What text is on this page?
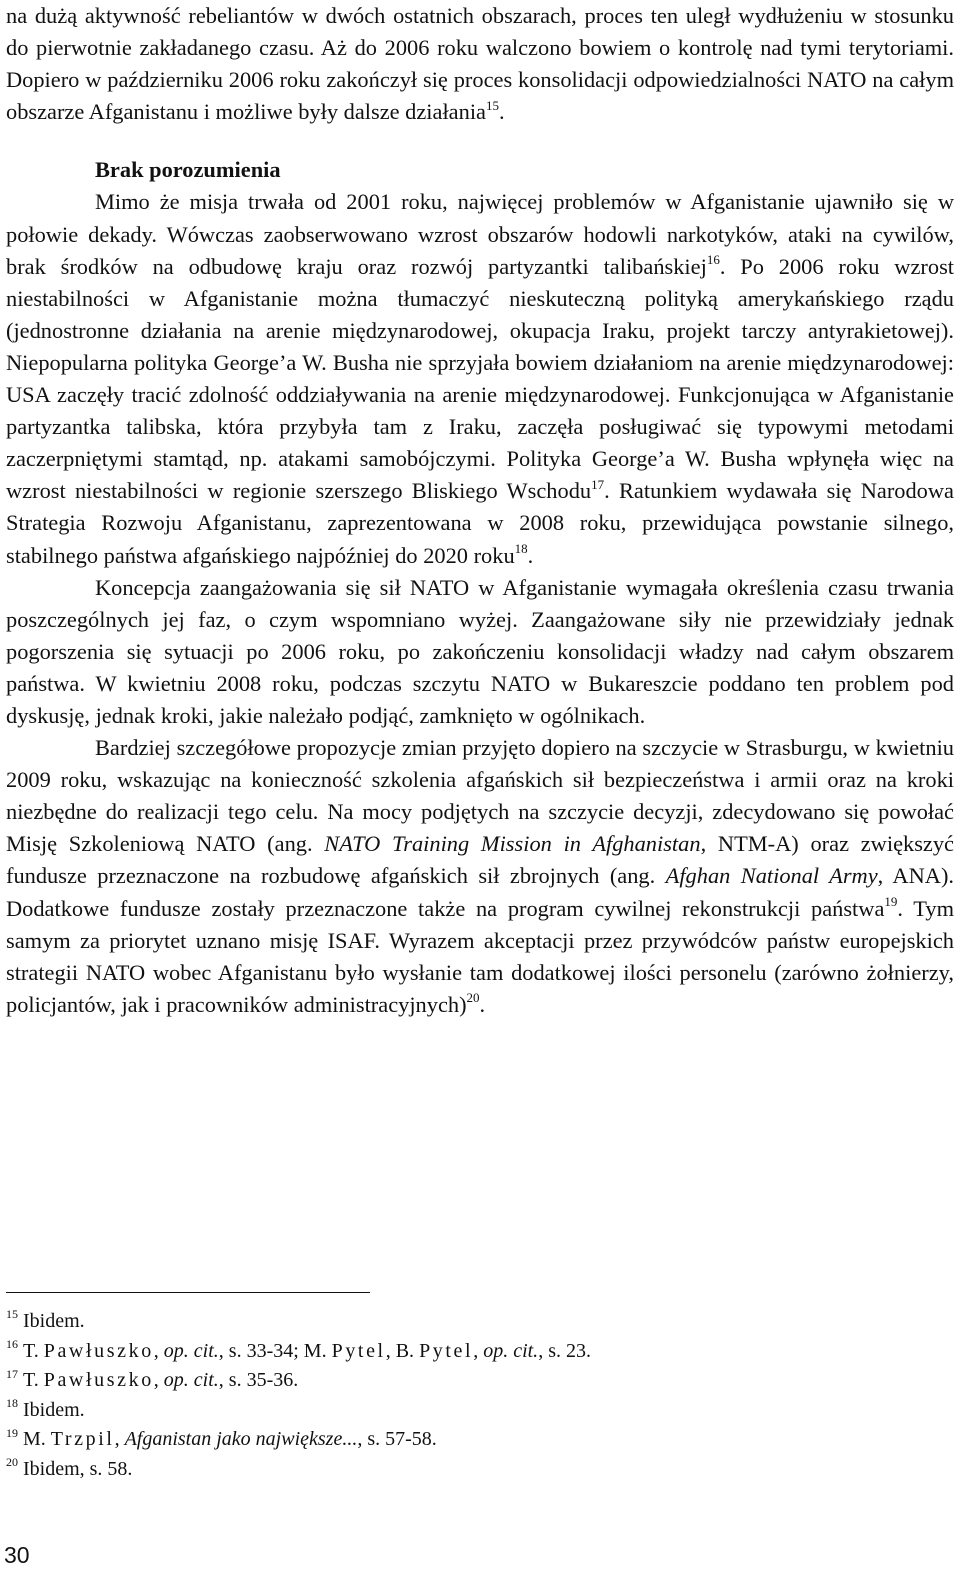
na dużą aktywność rebeliantów w dwóch ostatnich obszarach, proces ten uległ wydłużeniu w stosunku do pierwotnie zakładanego czasu. Aż do 2006 roku walczono bowiem o kontrolę nad tymi terytoriami. Dopiero w październiku 2006 roku zakończył się proces konsolidacji odpowiedzialności NATO na całym obszarze Afganistanu i możliwe były dalsze działania$^{15}$.

Brak porozumienia

Mimo że misja trwała od 2001 roku, najwięcej problemów w Afganistanie ujawniło się w połowie dekady. Wówczas zaobserwowano wzrost obszarów hodowli narkotyków, ataki na cywilów, brak środków na odbudowę kraju oraz rozwój partyzantki talibańskiej$^{16}$. Po 2006 roku wzrost niestabilności w Afganistanie można tłumaczyć nieskuteczną polityką amerykańskiego rządu (jednostronne działania na arenie międzynarodowej, okupacja Iraku, projekt tarczy antyrakietowej). Niepopularna polityka George’a W. Busha nie sprzyjała bowiem działaniom na arenie międzynarodowej: USA zaczęły tracić zdolność oddziaływania na arenie międzynarodowej. Funkcjonująca w Afganistanie partyzantka talibska, która przybyła tam z Iraku, zaczęła posługiwać się typowymi metodami zaczerpniętymi stamtąd, np. atakami samobójczymi. Polityka George’a W. Busha wpłynęła więc na wzrost niestabilności w regionie szerszego Bliskiego Wschodu$^{17}$. Ratunkiem wydawała się Narodowa Strategia Rozwoju Afganistanu, zaprezentowana w 2008 roku, przewidująca powstanie silnego, stabilnego państwa afgańskiego najpóźniej do 2020 roku$^{18}$.

Koncepcja zaangażowania się sił NATO w Afganistanie wymagała określenia czasu trwania poszczególnych jej faz, o czym wspomniano wyżej. Zaangażowane siły nie przewidziały jednak pogorszenia się sytuacji po 2006 roku, po zakończeniu konsolidacji władzy nad całym obszarem państwa. W kwietniu 2008 roku, podczas szczytu NATO w Bukareszcie poddano ten problem pod dyskusję, jednak kroki, jakie należało podjąć, zamknięto w ogólnikach.

Bardziej szczegółowe propozycje zmian przyjęto dopiero na szczycie w Strasburgu, w kwietniu 2009 roku, wskazując na konieczność szkolenia afgańskich sił bezpieczeństwa i armii oraz na kroki niezbędne do realizacji tego celu. Na mocy podjętych na szczycie decyzji, zdecydowano się powołać Misję Szkoleniową NATO (ang. NATO Training Mission in Afghanistan, NTM-A) oraz zwiększyć fundusze przeznaczone na rozbudowę afgańskich sił zbrojnych (ang. Afghan National Army, ANA). Dodatkowe fundusze zostały przeznaczone także na program cywilnej rekonstrukcji państwa$^{19}$. Tym samym za priorytet uznano misję ISAF. Wyrazem akceptacji przez przywódców państw europejskich strategii NATO wobec Afganistanu było wysłanie tam dodatkowej ilości personelu (zarówno żołnierzy, policjantów, jak i pracowników administracyjnych)$^{20}$.

$^{15}$ Ibidem.
$^{16}$ T. Pawłuszko, op. cit., s. 33-34; M. Pytel, B. Pytel, op. cit., s. 23.
$^{17}$ T. Pawłuszko, op. cit., s. 35-36.
$^{18}$ Ibidem.
$^{19}$ M. Trzpil, Afganistan jako największe..., s. 57-58.
$^{20}$ Ibidem, s. 58.
30
